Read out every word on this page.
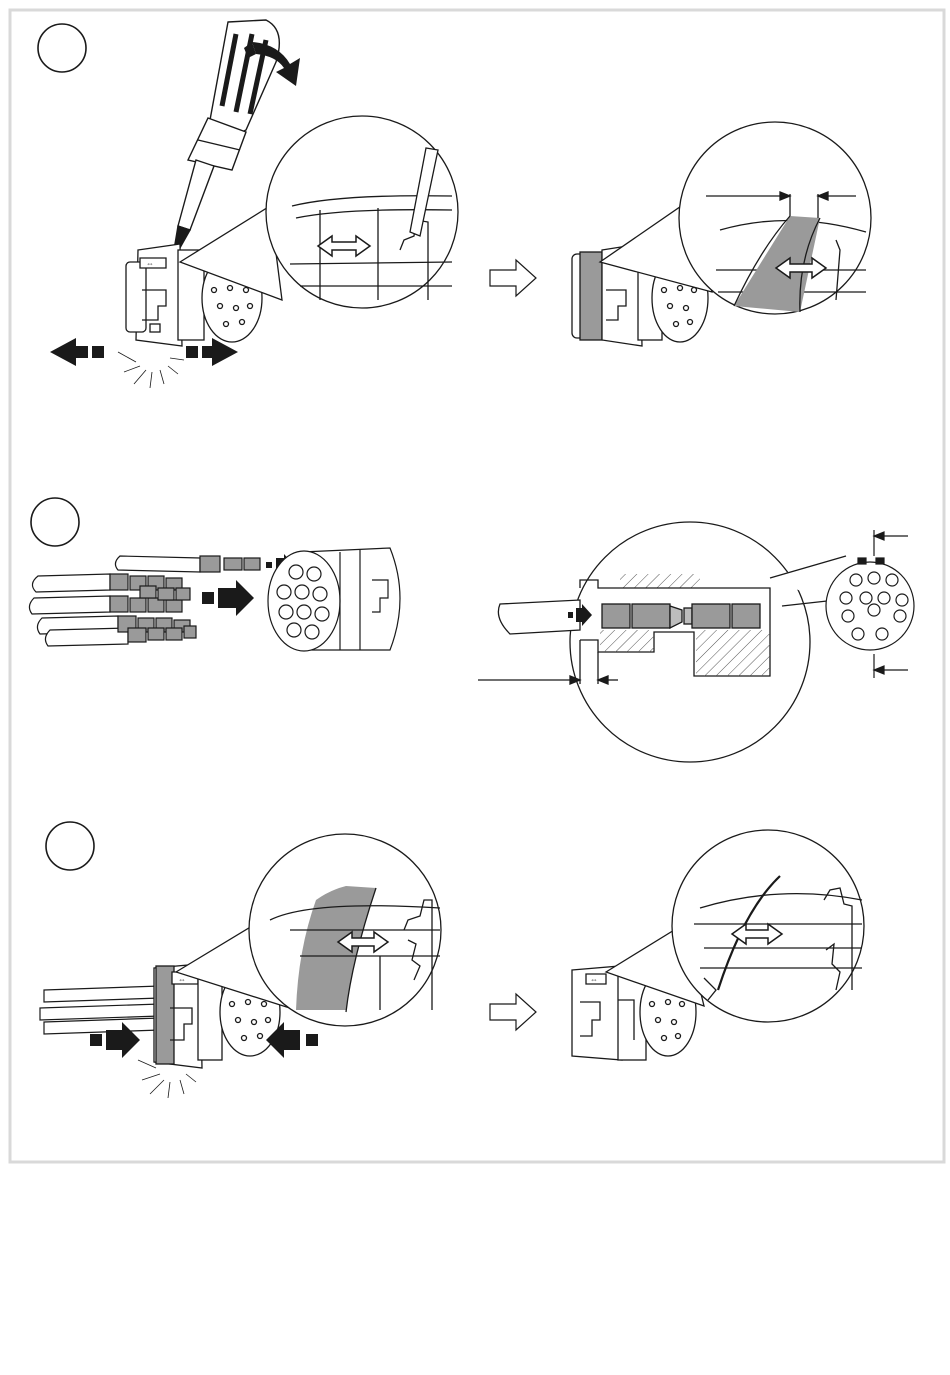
⇔
⇔	⇔
